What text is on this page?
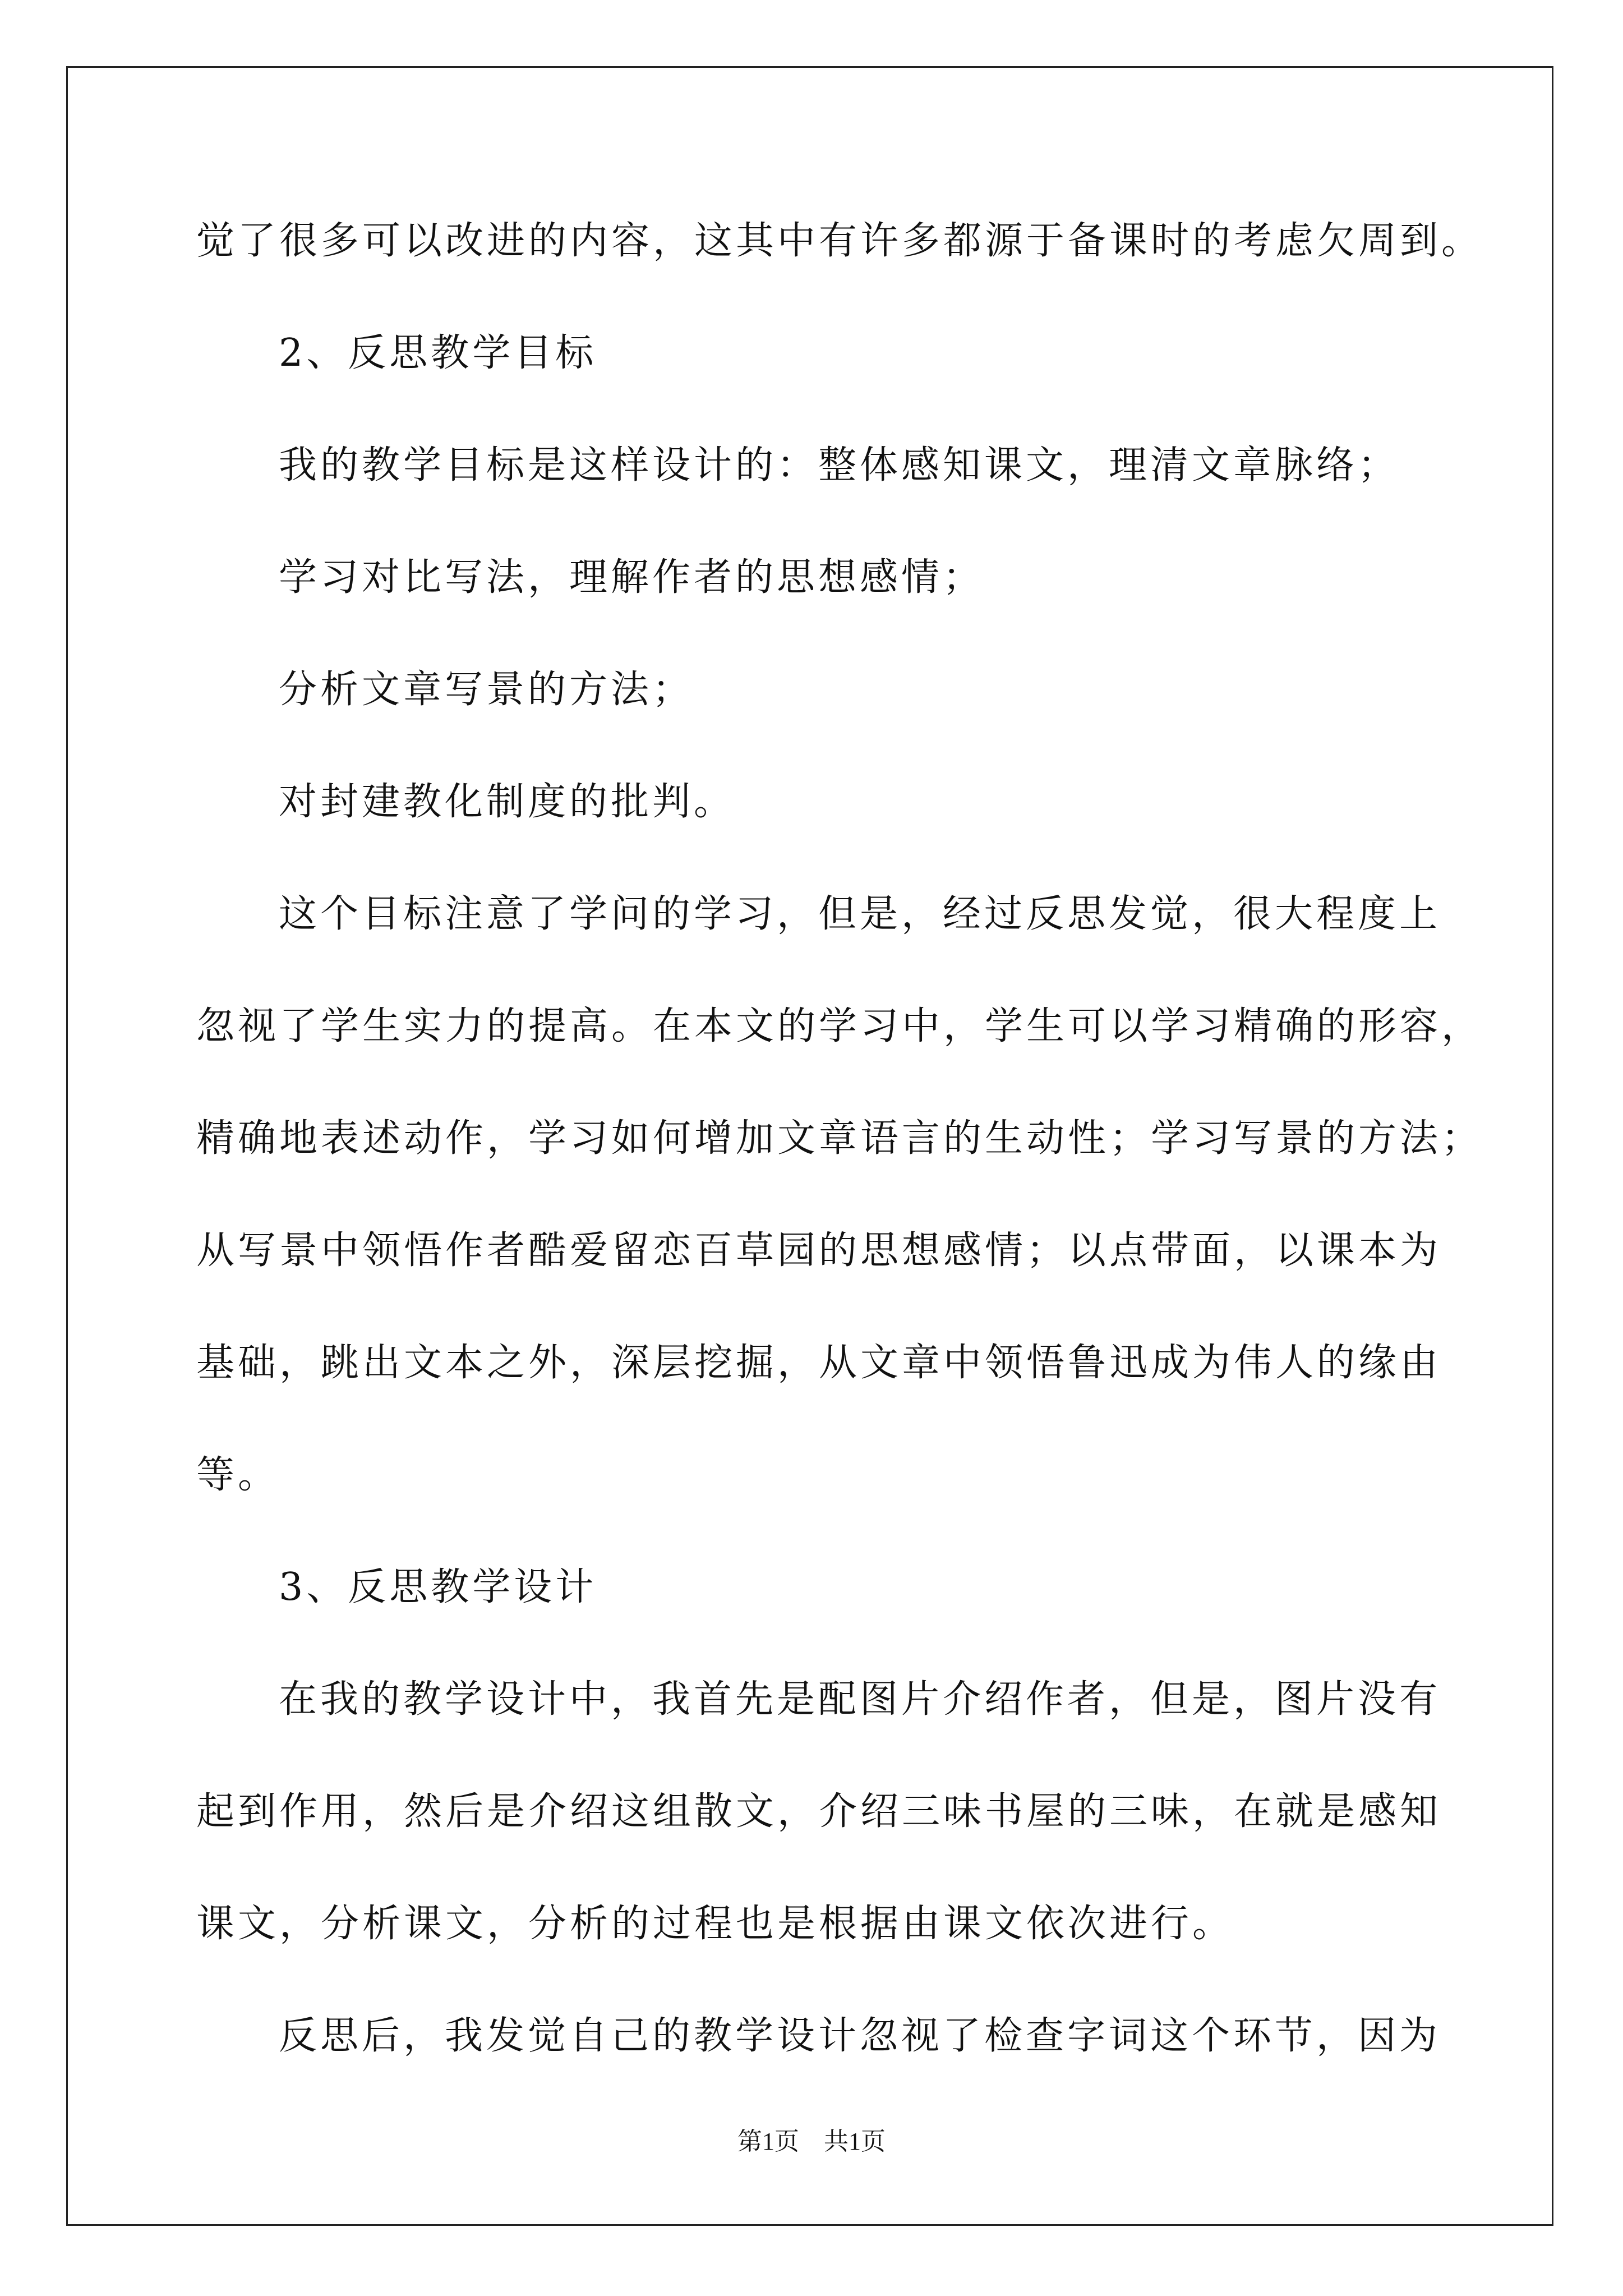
觉了很多可以改进的内容，这其中有许多都源于备课时的考虑欠周到。
2、反思教学目标
我的教学目标是这样设计的：整体感知课文，理清文章脉络；
学习对比写法，理解作者的思想感情；
分析文章写景的方法；
对封建教化制度的批判。
这个目标注意了学问的学习，但是，经过反思发觉，很大程度上
忽视了学生实力的提高。在本文的学习中，学生可以学习精确的形容，
精确地表述动作，学习如何增加文章语言的生动性；学习写景的方法；
从写景中领悟作者酷爱留恋百草园的思想感情；以点带面，以课本为
基础，跳出文本之外，深层挖掘，从文章中领悟鲁迅成为伟人的缘由
等。
3、反思教学设计
在我的教学设计中，我首先是配图片介绍作者，但是，图片没有
起到作用，然后是介绍这组散文，介绍三味书屋的三味，在就是感知
课文，分析课文，分析的过程也是根据由课文依次进行。
反思后，我发觉自己的教学设计忽视了检查字词这个环节，因为
第1页　共1页
